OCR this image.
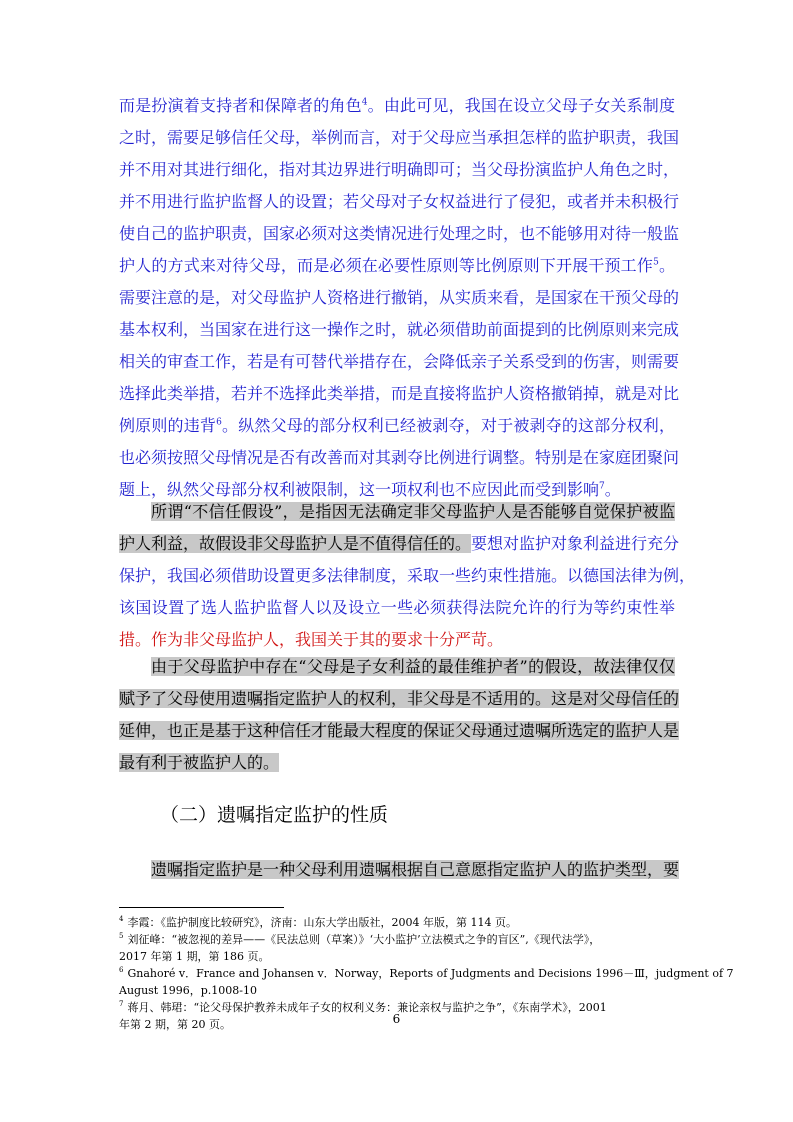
而是扮演着支持者和保障者的角色$^4$。由此可见，我国在设立父母子女关系制度
之时，需要足够信任父母，举例而言，对于父母应当承担怎样的监护职责，我国
并不用对其进行细化，指对其边界进行明确即可；当父母扮演监护人角色之时，
并不用进行监护监督人的设置；若父母对子女权益进行了侵犯，或者并未积极行
使自己的监护职责，国家必须对这类情况进行处理之时，也不能够用对待一般监
护人的方式来对待父母，而是必须在必要性原则等比例原则下开展干预工作$^5$。
需要注意的是，对父母监护人资格进行撤销，从实质来看，是国家在干预父母的
基本权利，当国家在进行这一操作之时，就必须借助前面提到的比例原则来完成
相关的审查工作，若是有可替代举措存在，会降低亲子关系受到的伤害，则需要
选择此类举措，若并不选择此类举措，而是直接将监护人资格撤销掉，就是对比
例原则的违背$^6$。纵然父母的部分权利已经被剥夺，对于被剥夺的这部分权利，
也必须按照父母情况是否有改善而对其剥夺比例进行调整。特别是在家庭团聚问
题上，纵然父母部分权利被限制，这一项权利也不应因此而受到影响$^7$。
所谓“不信任假设”，是指因无法确定非父母监护人是否能够自觉保护被监
护人利益，故假设非父母监护人是不值得信任的。要想对监护对象利益进行充分
保护，我国必须借助设置更多法律制度，采取一些约束性措施。以德国法律为例，
该国设置了选人监护监督人以及设立一些必须获得法院允许的行为等约束性举
措。作为非父母监护人，我国关于其的要求十分严苛。
由于父母监护中存在“父母是子女利益的最佳维护者”的假设，故法律仅仅
赋予了父母使用遗嘱指定监护人的权利，非父母是不适用的。这是对父母信任的
延伸，也正是基于这种信任才能最大程度的保证父母通过遗嘱所选定的监护人是
最有利于被监护人的。
（二）遗嘱指定监护的性质
遗嘱指定监护是一种父母利用遗嘱根据自己意愿指定监护人的监护类型，要
$^4$ 李霞：《监护制度比较研究》，济南：山东大学出版社，2004 年版，第 114 页。
$^5$ 刘征峰：“被忽视的差异——《民法总则（草案）》‘大小监护’立法模式之争的盲区”,《现代法学》，
2017 年第 1 期，第 186 页。
$^6$ Gnahoré v．France and Johansen v．Norway，Reports of Judgments and Decisions 1996－Ⅲ，judgment of 7
August 1996，p.1008-10
$^7$ 蒋月、韩珺：“论父母保护教养未成年子女的权利义务：兼论亲权与监护之争”，《东南学术》，2001
年第 2 期，第 20 页。	6
